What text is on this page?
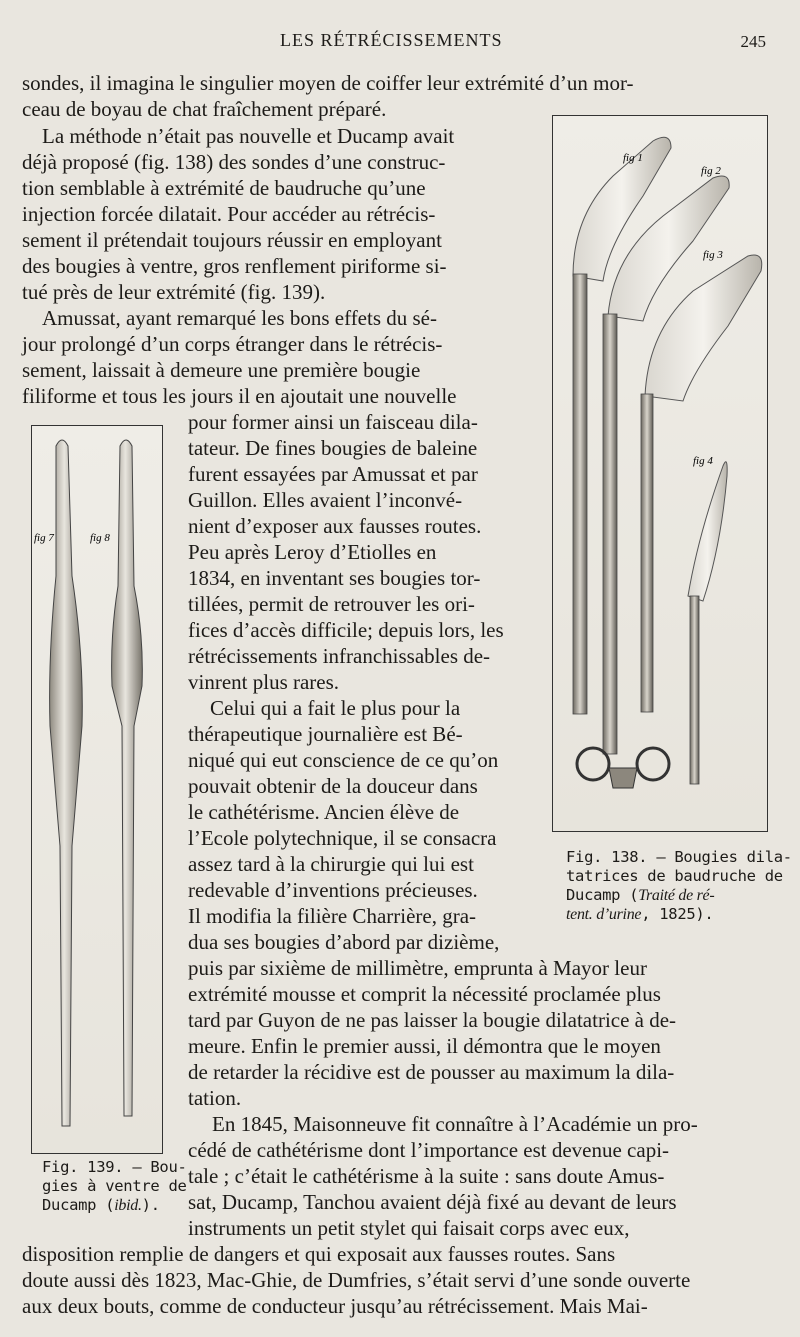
LES RÉTRÉCISSEMENTS	245
sondes, il imagina le singulier moyen de coiffer leur extrémité d’un mor-
ceau de boyau de chat fraîchement préparé.
La méthode n’était pas nouvelle et Ducamp avait
déjà proposé (fig. 138) des sondes d’une construc-
tion semblable à extrémité de baudruche qu’une
injection forcée dilatait. Pour accéder au rétrécis-
sement il prétendait toujours réussir en employant
des bougies à ventre, gros renflement piriforme si-
tué près de leur extrémité (fig. 139).
Amussat, ayant remarqué les bons effets du sé-
jour prolongé d’un corps étranger dans le rétrécis-
sement, laissait à demeure une première bougie
filiforme et tous les jours il en ajoutait une nouvelle
pour former ainsi un faisceau dila-
tateur. De fines bougies de baleine
furent essayées par Amussat et par
Guillon. Elles avaient l’inconvé-
nient d’exposer aux fausses routes.
Peu après Leroy d’Etiolles en
1834, en inventant ses bougies tor-
tillées, permit de retrouver les ori-
fices d’accès difficile; depuis lors, les
rétrécissements infranchissables de-
vinrent plus rares.
Celui qui a fait le plus pour la
thérapeutique journalière est Bé-
niqué qui eut conscience de ce qu’on
pouvait obtenir de la douceur dans
le cathétérisme. Ancien élève de
l’Ecole polytechnique, il se consacra
assez tard à la chirurgie qui lui est
redevable d’inventions précieuses.
Il modifia la filière Charrière, gra-
dua ses bougies d’abord par dizième,
puis par sixième de millimètre, emprunta à Mayor leur
extrémité mousse et comprit la nécessité proclamée plus
tard par Guyon de ne pas laisser la bougie dilatatrice à de-
meure. Enfin le premier aussi, il démontra que le moyen
de retarder la récidive est de pousser au maximum la dila-
tation.
En 1845, Maisonneuve fit connaître à l’Académie un pro-
cédé de cathétérisme dont l’importance est devenue capi-
tale ; c’était le cathétérisme à la suite : sans doute Amus-
sat, Ducamp, Tanchou avaient déjà fixé au devant de leurs
instruments un petit stylet qui faisait corps avec eux,
disposition remplie de dangers et qui exposait aux fausses routes. Sans
doute aussi dès 1823, Mac-Ghie, de Dumfries, s’était servi d’une sonde ouverte
aux deux bouts, comme de conducteur jusqu’au rétrécissement. Mais Mai-
fig 1
fig 2
fig 3
fig 4
Fig. 138. — Bougies dila-
tatrices de baudruche de
Ducamp (Traité de ré-
tent. d’urine, 1825).
fig 7	fig 8
Fig. 139. — Bou-
gies à ventre de
Ducamp (ibid.).
